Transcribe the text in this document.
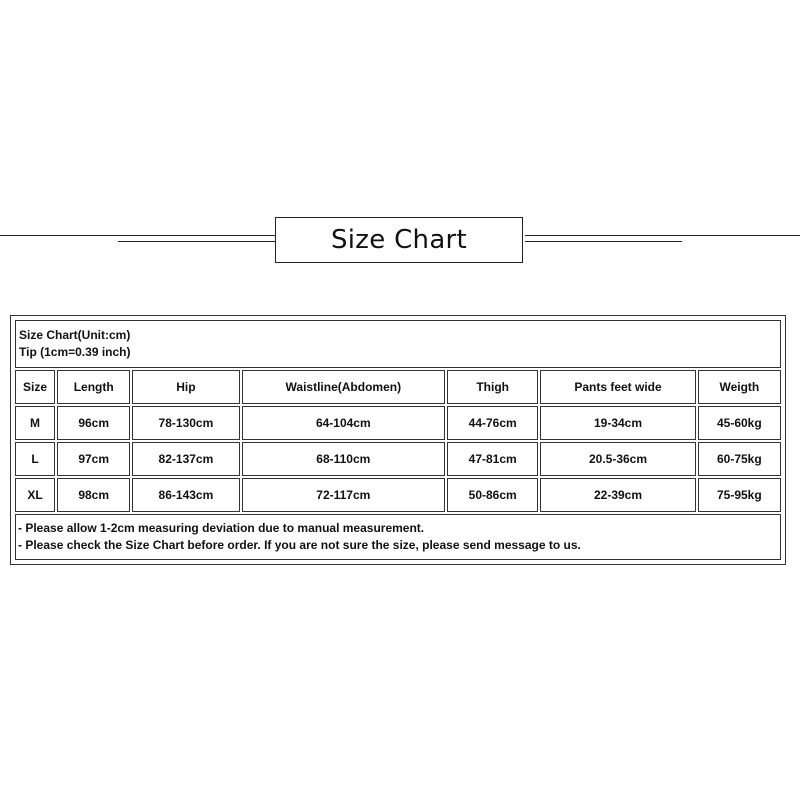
Size Chart
Size Chart(Unit:cm)
Tip (1cm=0.39 inch)						

Size	Length	Hip	Waistline(Abdomen)	Thigh	Pants feet wide	Weigth
M	96cm	78-130cm	64-104cm	44-76cm	19-34cm	45-60kg
L	97cm	82-137cm	68-110cm	47-81cm	20.5-36cm	60-75kg
XL	98cm	86-143cm	72-117cm	50-86cm	22-39cm	75-95kg

- Please allow 1-2cm measuring deviation due to manual measurement.
- Please check the Size Chart before order. If you are not sure the size, please send message to us.						
